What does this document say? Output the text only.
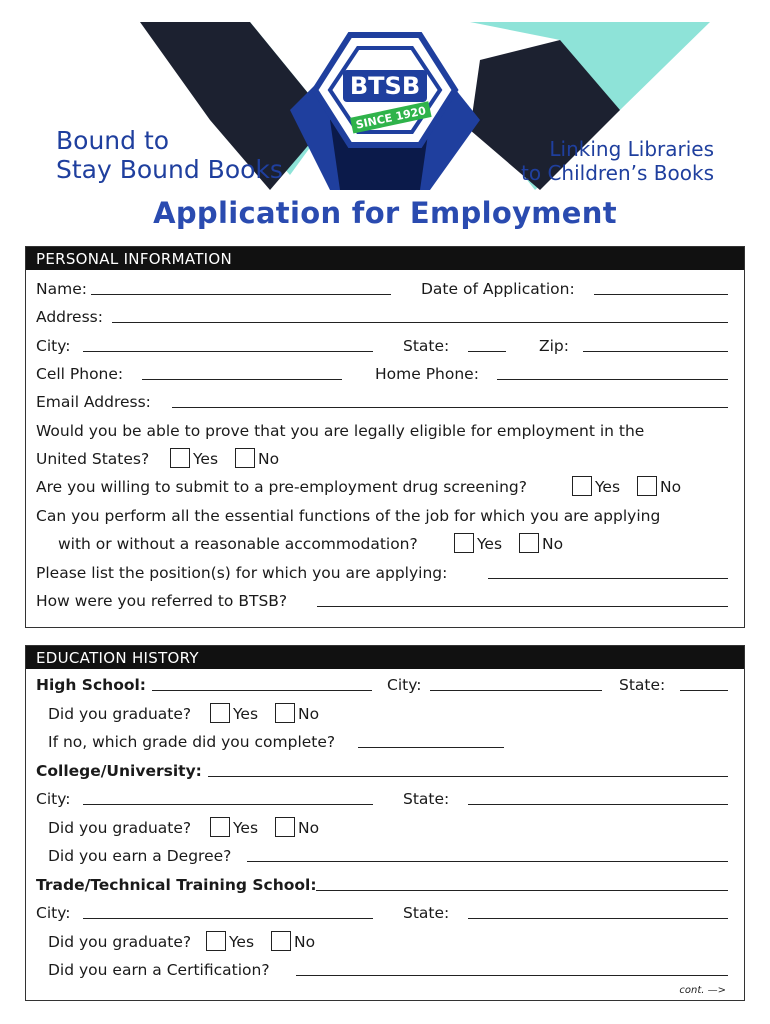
BTSB
SINCE 1920
Bound to
Stay Bound Books
Linking Libraries
to Children’s Books
Application for Employment
PERSONAL INFORMATION
Name:	Date of Application:
Address:
City:	State:	Zip:
Cell Phone:	Home Phone:
Email Address:
Would you be able to prove that you are legally eligible for employment in the
United States?	Yes	No
Are you willing to submit to a pre-employment drug screening?	Yes	No
Can you perform all the essential functions of the job for which you are applying
with or without a reasonable accommodation?	Yes	No
Please list the position(s) for which you are applying:
How were you referred to BTSB?
EDUCATION HISTORY
High School:	City:	State:
Did you graduate?	Yes	No
If no, which grade did you complete?
College/University:
City:	State:
Did you graduate?	Yes	No
Did you earn a Degree?
Trade/Technical Training School:
City:	State:
Did you graduate?	Yes	No
Did you earn a Certification?
cont. —>
